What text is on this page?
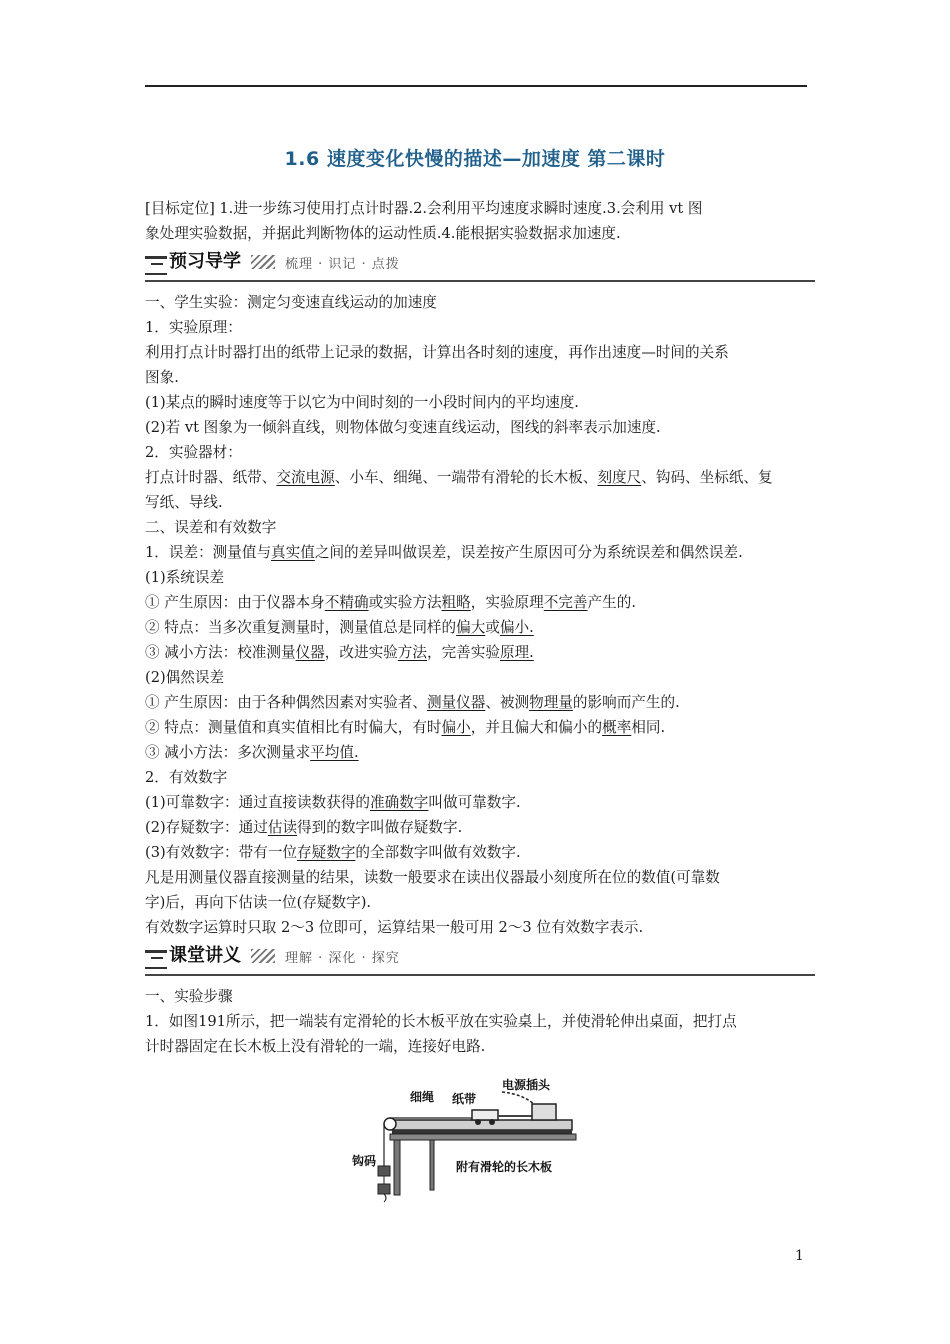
1.6 速度变化快慢的描述—加速度 第二课时

[目标定位] 1.进一步练习使用打点计时器.2.会利用平均速度求瞬时速度.3.会利用 vt 图

象处理实验数据，并据此判断物体的运动性质.4.能根据实验数据求加速度.

预习导学	梳理 · 识记 · 点拨

一、学生实验：测定匀变速直线运动的加速度

1．实验原理：

利用打点计时器打出的纸带上记录的数据，计算出各时刻的速度，再作出速度—时间的关系

图象.

(1)某点的瞬时速度等于以它为中间时刻的一小段时间内的平均速度.

(2)若 vt 图象为一倾斜直线，则物体做匀变速直线运动，图线的斜率表示加速度.

2．实验器材：

打点计时器、纸带、交流电源、小车、细绳、一端带有滑轮的长木板、刻度尺、钩码、坐标纸、复

写纸、导线.

二、误差和有效数字

1．误差：测量值与真实值之间的差异叫做误差，误差按产生原因可分为系统误差和偶然误差.

(1)系统误差

① 产生原因：由于仪器本身不精确或实验方法粗略，实验原理不完善产生的.

② 特点：当多次重复测量时，测量值总是同样的偏大或偏小.

③ 减小方法：校准测量仪器，改进实验方法，完善实验原理.

(2)偶然误差

① 产生原因：由于各种偶然因素对实验者、测量仪器、被测物理量的影响而产生的.

② 特点：测量值和真实值相比有时偏大，有时偏小，并且偏大和偏小的概率相同.

③ 减小方法：多次测量求平均值.

2．有效数字

(1)可靠数字：通过直接读数获得的准确数字叫做可靠数字.

(2)存疑数字：通过估读得到的数字叫做存疑数字.

(3)有效数字：带有一位存疑数字的全部数字叫做有效数字.

凡是用测量仪器直接测量的结果，读数一般要求在读出仪器最小刻度所在位的数值(可靠数

字)后，再向下估读一位(存疑数字).

有效数字运算时只取 2～3 位即可，运算结果一般可用 2～3 位有效数字表示.

课堂讲义	理解 · 深化 · 探究

一、实验步骤

1．如图191所示，把一端装有定滑轮的长木板平放在实验桌上，并使滑轮伸出桌面，把打点

计时器固定在长木板上没有滑轮的一端，连接好电路.

细绳 纸带
电源插头
钩码	附有滑轮的长木板
1
